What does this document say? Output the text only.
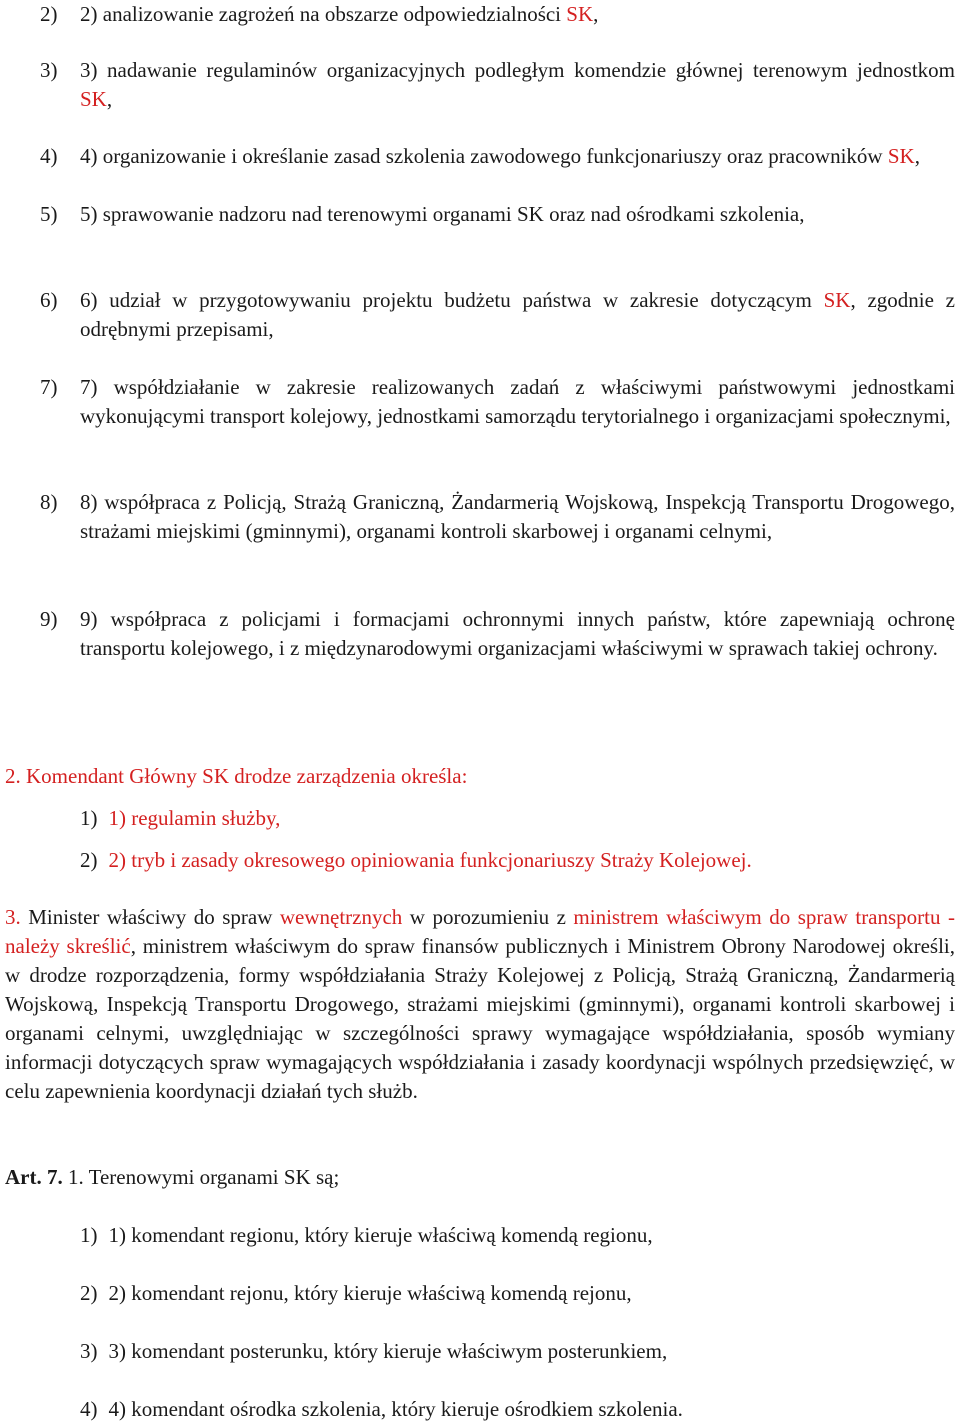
2) 2) analizowanie zagrożeń na obszarze odpowiedzialności SK,
3) 3) nadawanie regulaminów organizacyjnych podległym komendzie głównej terenowym jednostkom SK,
4) 4) organizowanie i określanie zasad szkolenia zawodowego funkcjonariuszy oraz pracowników SK,
5) 5) sprawowanie nadzoru nad terenowymi organami SK oraz nad ośrodkami szkolenia,
6) 6) udział w przygotowywaniu projektu budżetu państwa w zakresie dotyczącym SK, zgodnie z odrębnymi przepisami,
7) 7) współdziałanie w zakresie realizowanych zadań z właściwymi państwowymi jednostkami wykonującymi transport kolejowy, jednostkami samorządu terytorialnego i organizacjami społecznymi,
8) 8) współpraca z Policją, Strażą Graniczną, Żandarmerią Wojskową, Inspekcją Transportu Drogowego, strażami miejskimi (gminnymi), organami kontroli skarbowej i organami celnymi,
9) 9) współpraca z policjami i formacjami ochronnymi innych państw, które zapewniają ochronę transportu kolejowego, i z międzynarodowymi organizacjami właściwymi w sprawach takiej ochrony.
2. Komendant Główny SK drodze zarządzenia określa:
1) 1) regulamin służby,
2) 2) tryb i zasady okresowego opiniowania funkcjonariuszy Straży Kolejowej.
3. Minister właściwy do spraw wewnętrznych w porozumieniu z ministrem właściwym do spraw transportu - należy skreślić, ministrem właściwym do spraw finansów publicznych i Ministrem Obrony Narodowej określi, w drodze rozporządzenia, formy współdziałania Straży Kolejowej z Policją, Strażą Graniczną, Żandarmerią Wojskową, Inspekcją Transportu Drogowego, strażami miejskimi (gminnymi), organami kontroli skarbowej i organami celnymi, uwzględniając w szczególności sprawy wymagające współdziałania, sposób wymiany informacji dotyczących spraw wymagających współdziałania i zasady koordynacji wspólnych przedsięwzięć, w celu zapewnienia koordynacji działań tych służb.
Art. 7. 1. Terenowymi organami SK są;
1) 1) komendant regionu, który kieruje właściwą komendą regionu,
2) 2) komendant rejonu, który kieruje właściwą komendą rejonu,
3) 3) komendant posterunku, który kieruje właściwym posterunkiem,
4) 4) komendant ośrodka szkolenia, który kieruje ośrodkiem szkolenia.
